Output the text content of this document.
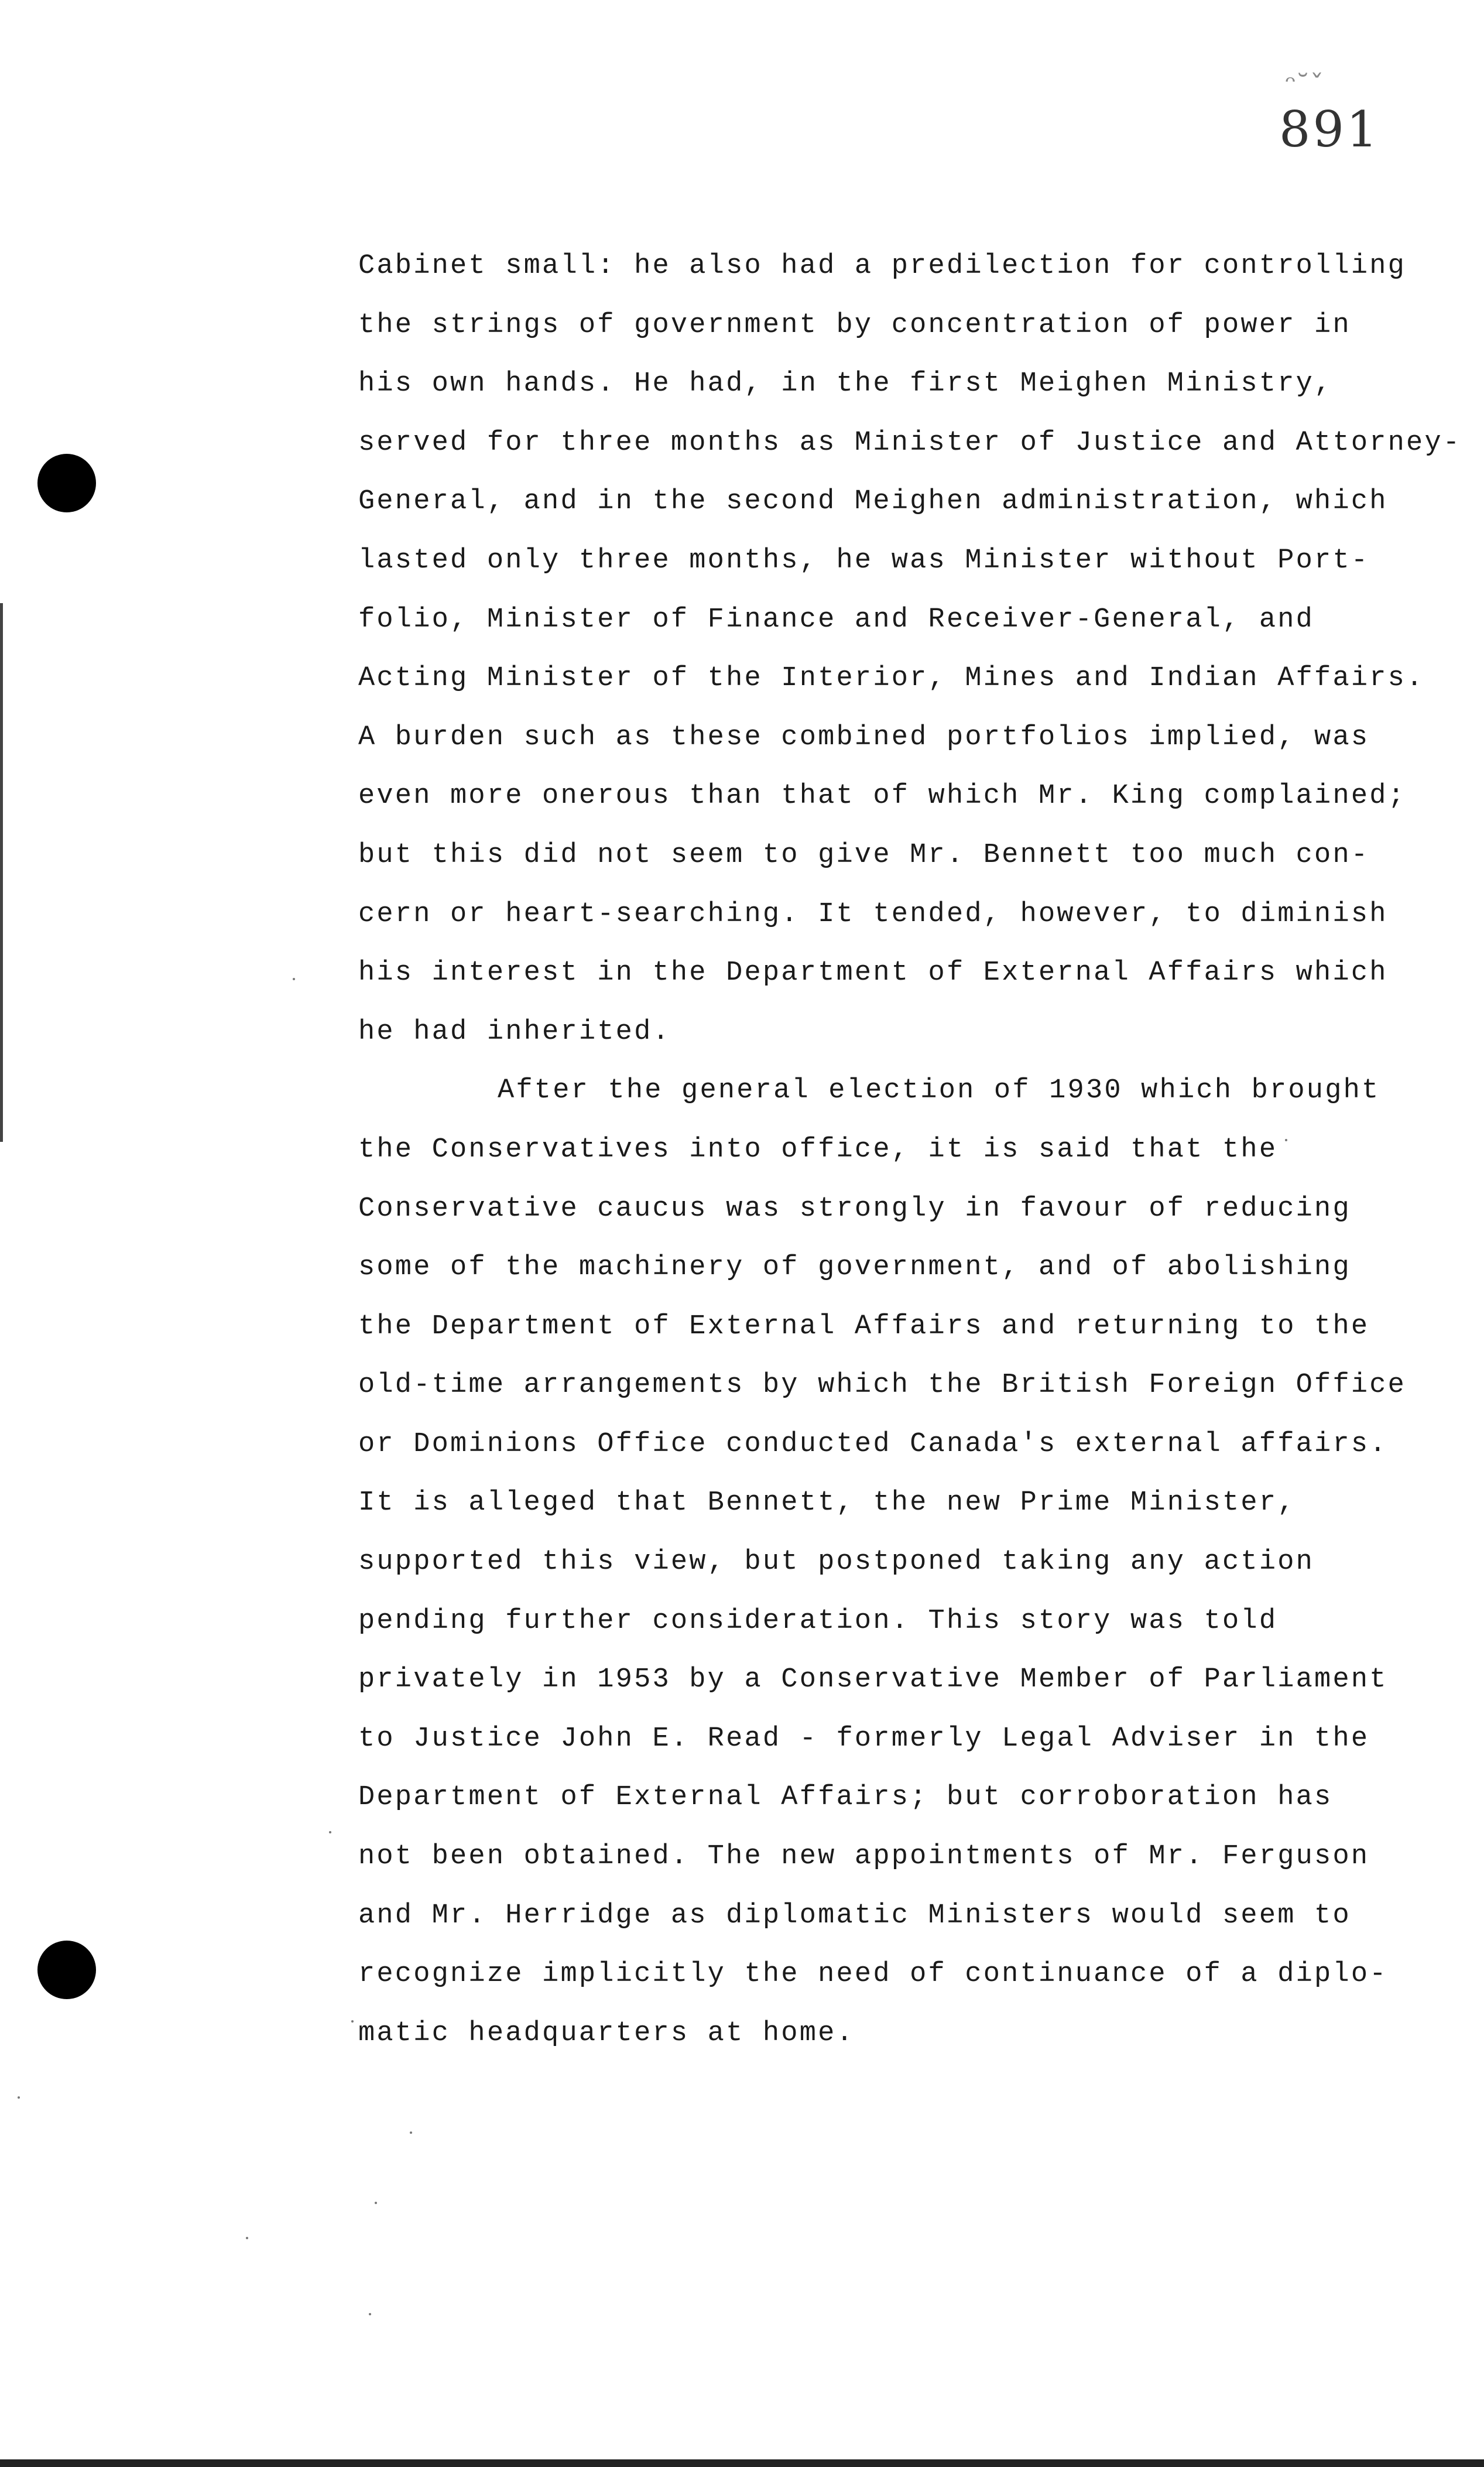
ᵔ˘ˇ
891
Cabinet small: he also had a predilection for controlling
the strings of government by concentration of power in
his own hands. He had, in the first Meighen Ministry,
served for three months as Minister of Justice and Attorney-
General, and in the second Meighen administration, which
lasted only three months, he was Minister without Port-
folio, Minister of Finance and Receiver-General, and
Acting Minister of the Interior, Mines and Indian Affairs.
A burden such as these combined portfolios implied, was
even more onerous than that of which Mr. King complained;
but this did not seem to give Mr. Bennett too much con-
cern or heart-searching. It tended, however, to diminish
his interest in the Department of External Affairs which
he had inherited.
After the general election of 1930 which brought
the Conservatives into office, it is said that the
Conservative caucus was strongly in favour of reducing
some of the machinery of government, and of abolishing
the Department of External Affairs and returning to the
old-time arrangements by which the British Foreign Office
or Dominions Office conducted Canada's external affairs.
It is alleged that Bennett, the new Prime Minister,
supported this view, but postponed taking any action
pending further consideration. This story was told
privately in 1953 by a Conservative Member of Parliament
to Justice John E. Read - formerly Legal Adviser in the
Department of External Affairs; but corroboration has
not been obtained. The new appointments of Mr. Ferguson
and Mr. Herridge as diplomatic Ministers would seem to
recognize implicitly the need of continuance of a diplo-
matic headquarters at home.
